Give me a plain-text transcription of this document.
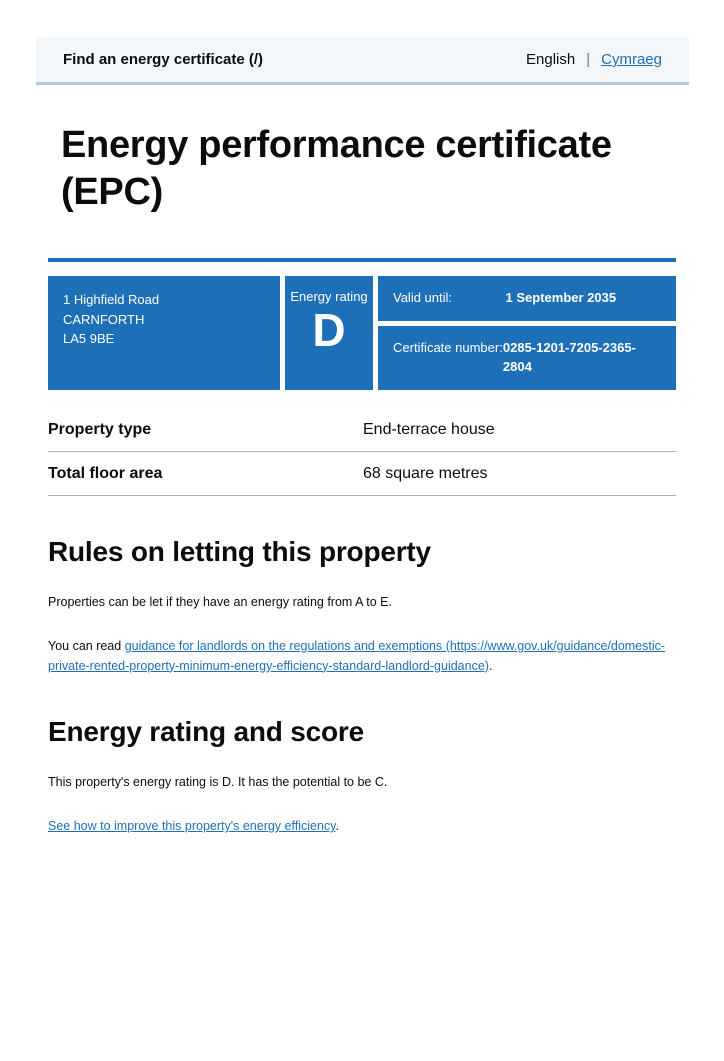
Find an energy certificate (/)	English | Cymraeg
Energy performance certificate (EPC)
1 Highfield Road
CARNFORTH
LA5 9BE
Energy rating
D
Valid until:	1 September 2035
Certificate number: 0285-1201-7205-2365-2804
Property type	End-terrace house
Total floor area	68 square metres
Rules on letting this property

Properties can be let if they have an energy rating from A to E.

You can read guidance for landlords on the regulations and exemptions (https://www.gov.uk/guidance/domestic-private-rented-property-minimum-energy-efficiency-standard-landlord-guidance).

Energy rating and score

This property's energy rating is D. It has the potential to be C.

See how to improve this property's energy efficiency.
